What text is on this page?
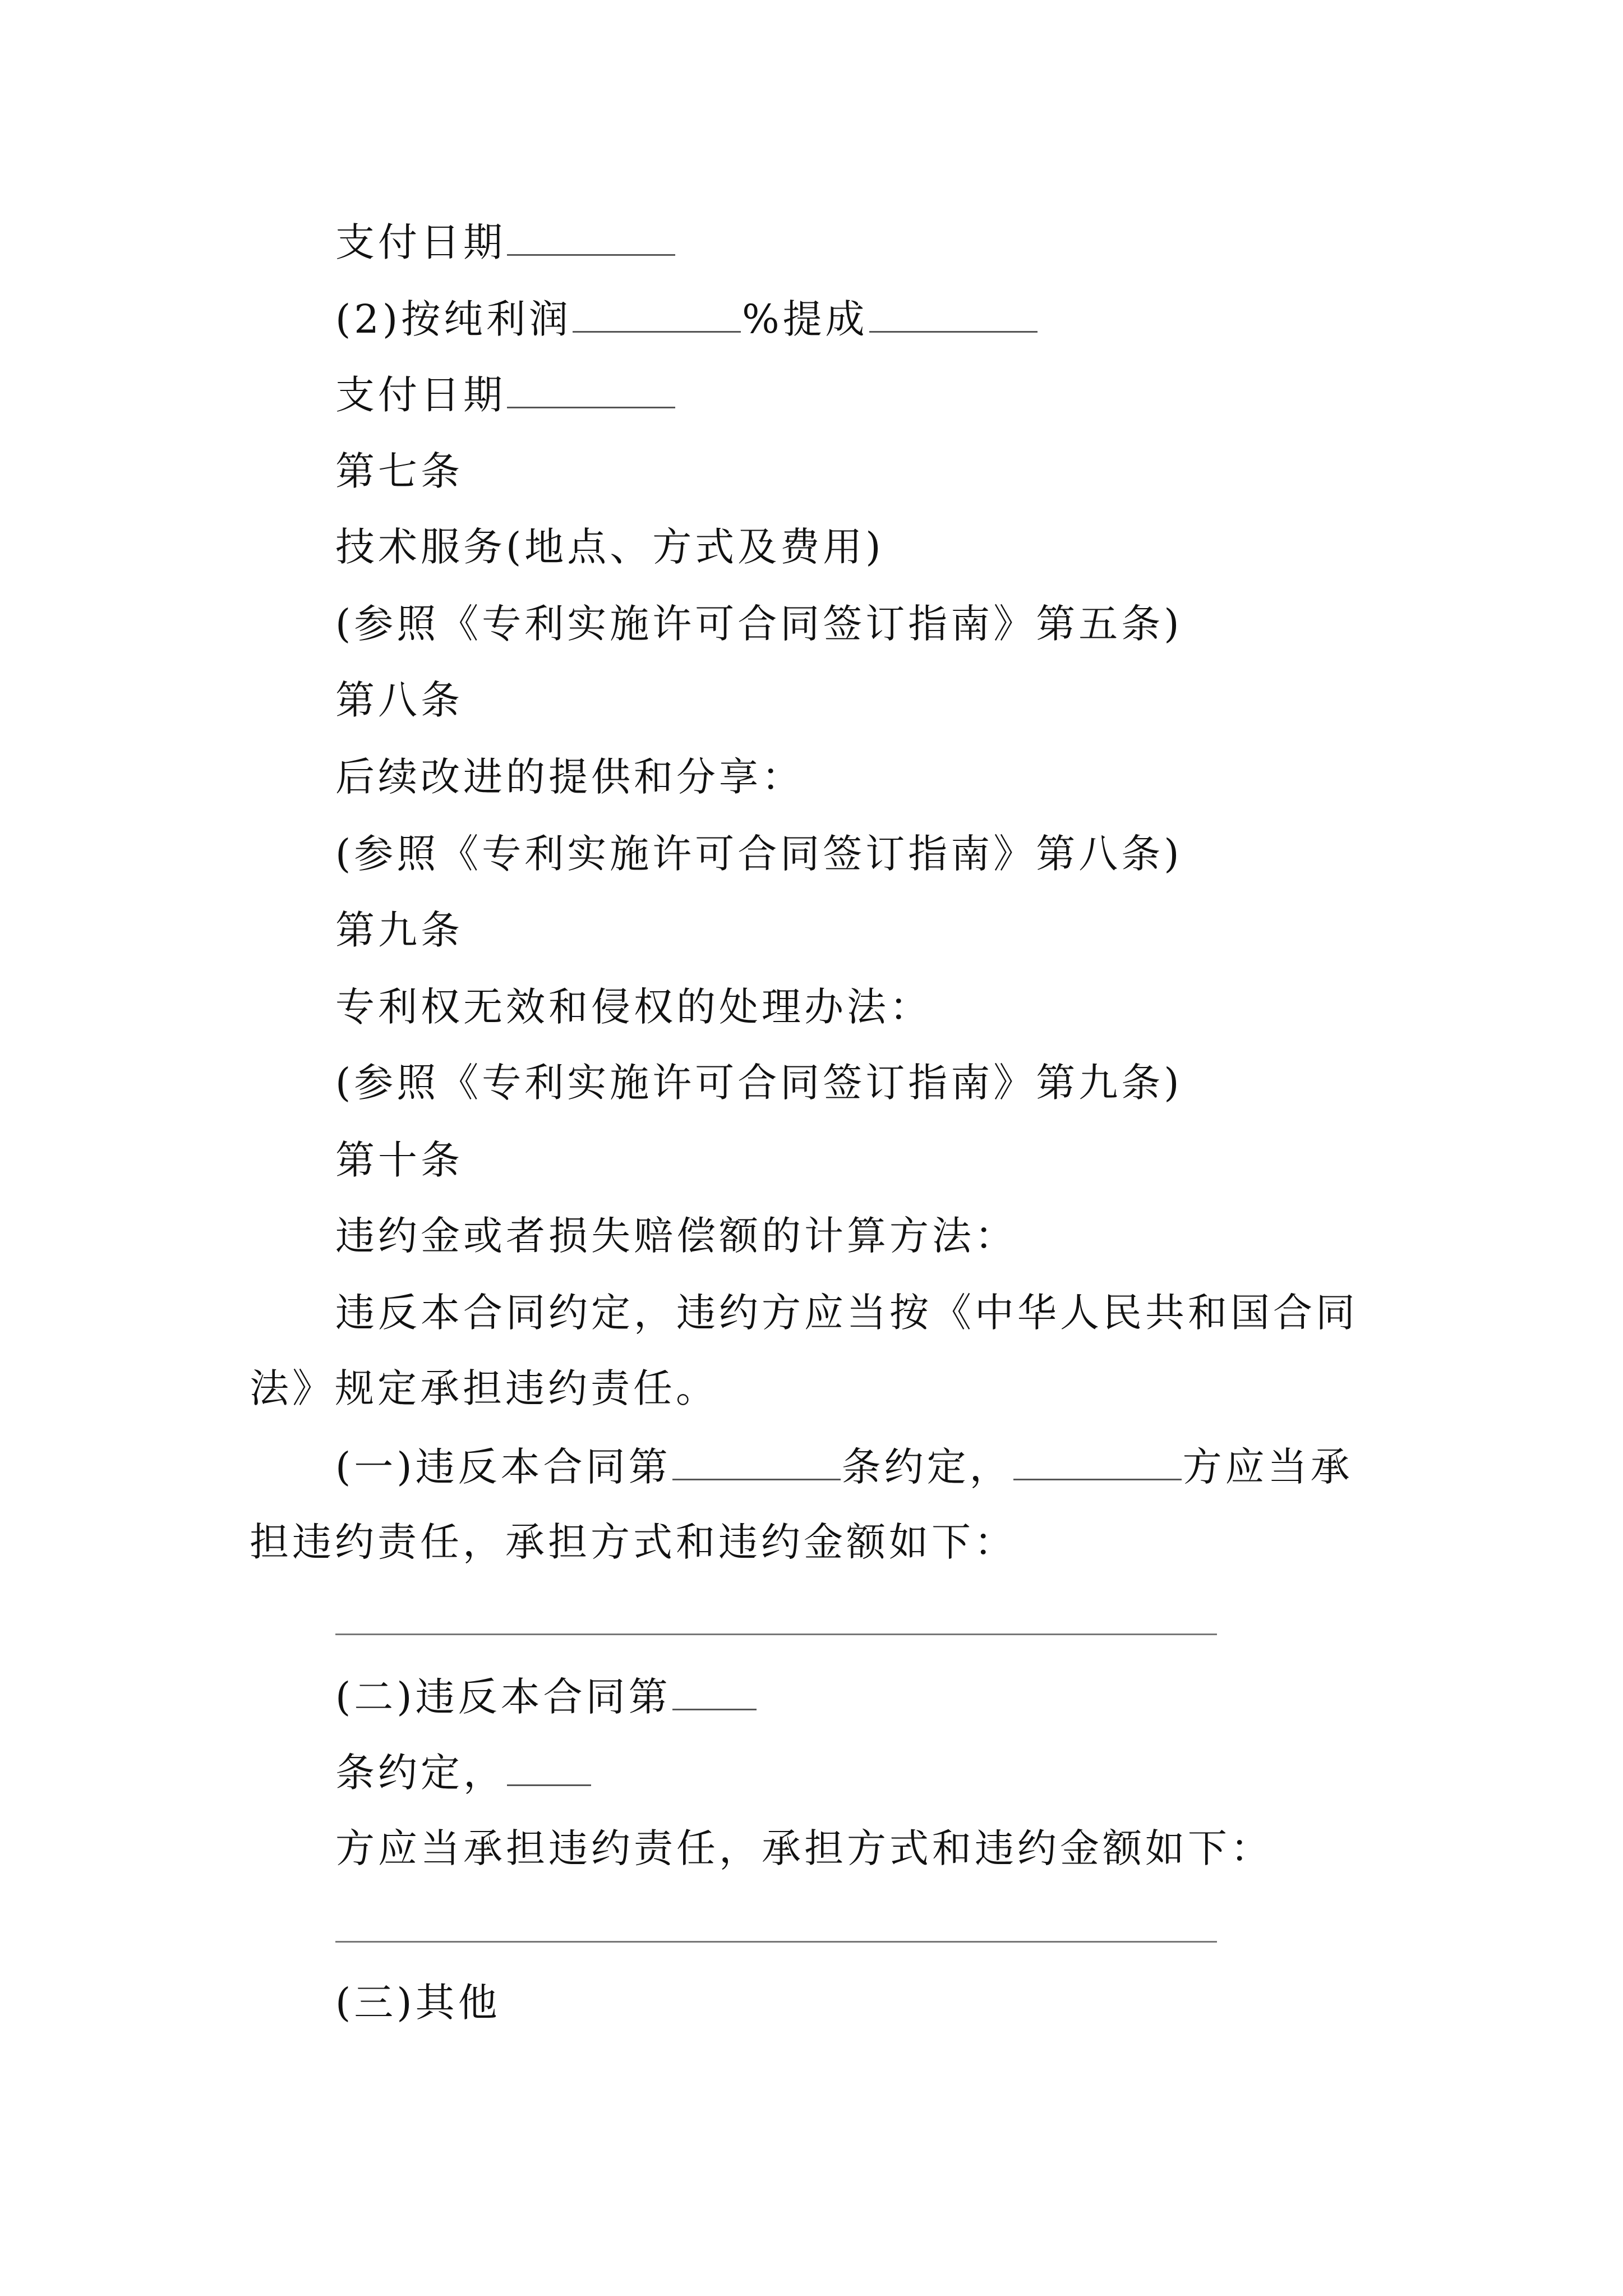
支付日期
(2)按纯利润	%提成
支付日期
第七条
技术服务(地点、方式及费用)
(参照《专利实施许可合同签订指南》第五条)
第八条
后续改进的提供和分享：
(参照《专利实施许可合同签订指南》第八条)
第九条
专利权无效和侵权的处理办法：
(参照《专利实施许可合同签订指南》第九条)
第十条
违约金或者损失赔偿额的计算方法：
违反本合同约定，违约方应当按《中华人民共和国合同
法》规定承担违约责任。
(一)违反本合同第	条约定，	方应当承
担违约责任，承担方式和违约金额如下：
(二)违反本合同第
条约定，
方应当承担违约责任，承担方式和违约金额如下：
(三)其他
